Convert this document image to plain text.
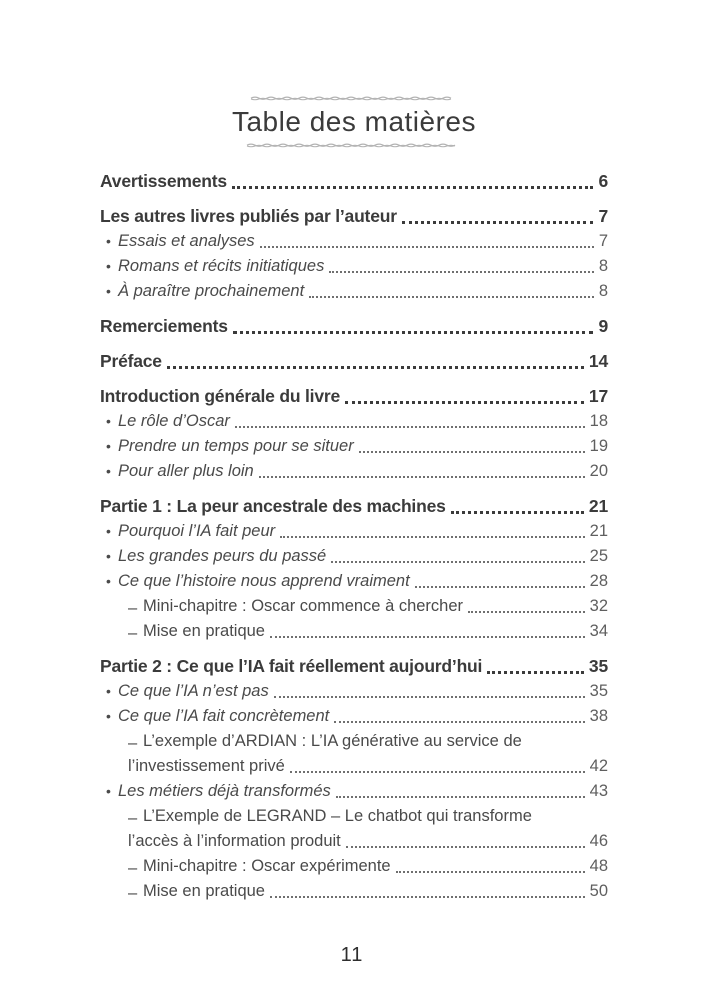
Table des matières
Avertissements	6
Les autres livres publiés par l’auteur	7
• Essais et analyses	7
• Romans et récits initiatiques	8
• À paraître prochainement	8
Remerciements	9
Préface	14
Introduction générale du livre	17
• Le rôle d’Oscar	18
• Prendre un temps pour se situer	19
• Pour aller plus loin	20
Partie 1 : La peur ancestrale des machines	21
• Pourquoi l’IA fait peur	21
• Les grandes peurs du passé	25
• Ce que l’histoire nous apprend vraiment	28
– Mini-chapitre : Oscar commence à chercher	32
– Mise en pratique	34
Partie 2 : Ce que l’IA fait réellement aujourd’hui	35
• Ce que l’IA n’est pas	35
• Ce que l’IA fait concrètement	38
– L’exemple d’ARDIAN : L’IA générative au service de
l’investissement privé	42
• Les métiers déjà transformés	43
– L’Exemple de LEGRAND – Le chatbot qui transforme
l’accès à l’information produit	46
– Mini-chapitre : Oscar expérimente	48
– Mise en pratique	50
11
